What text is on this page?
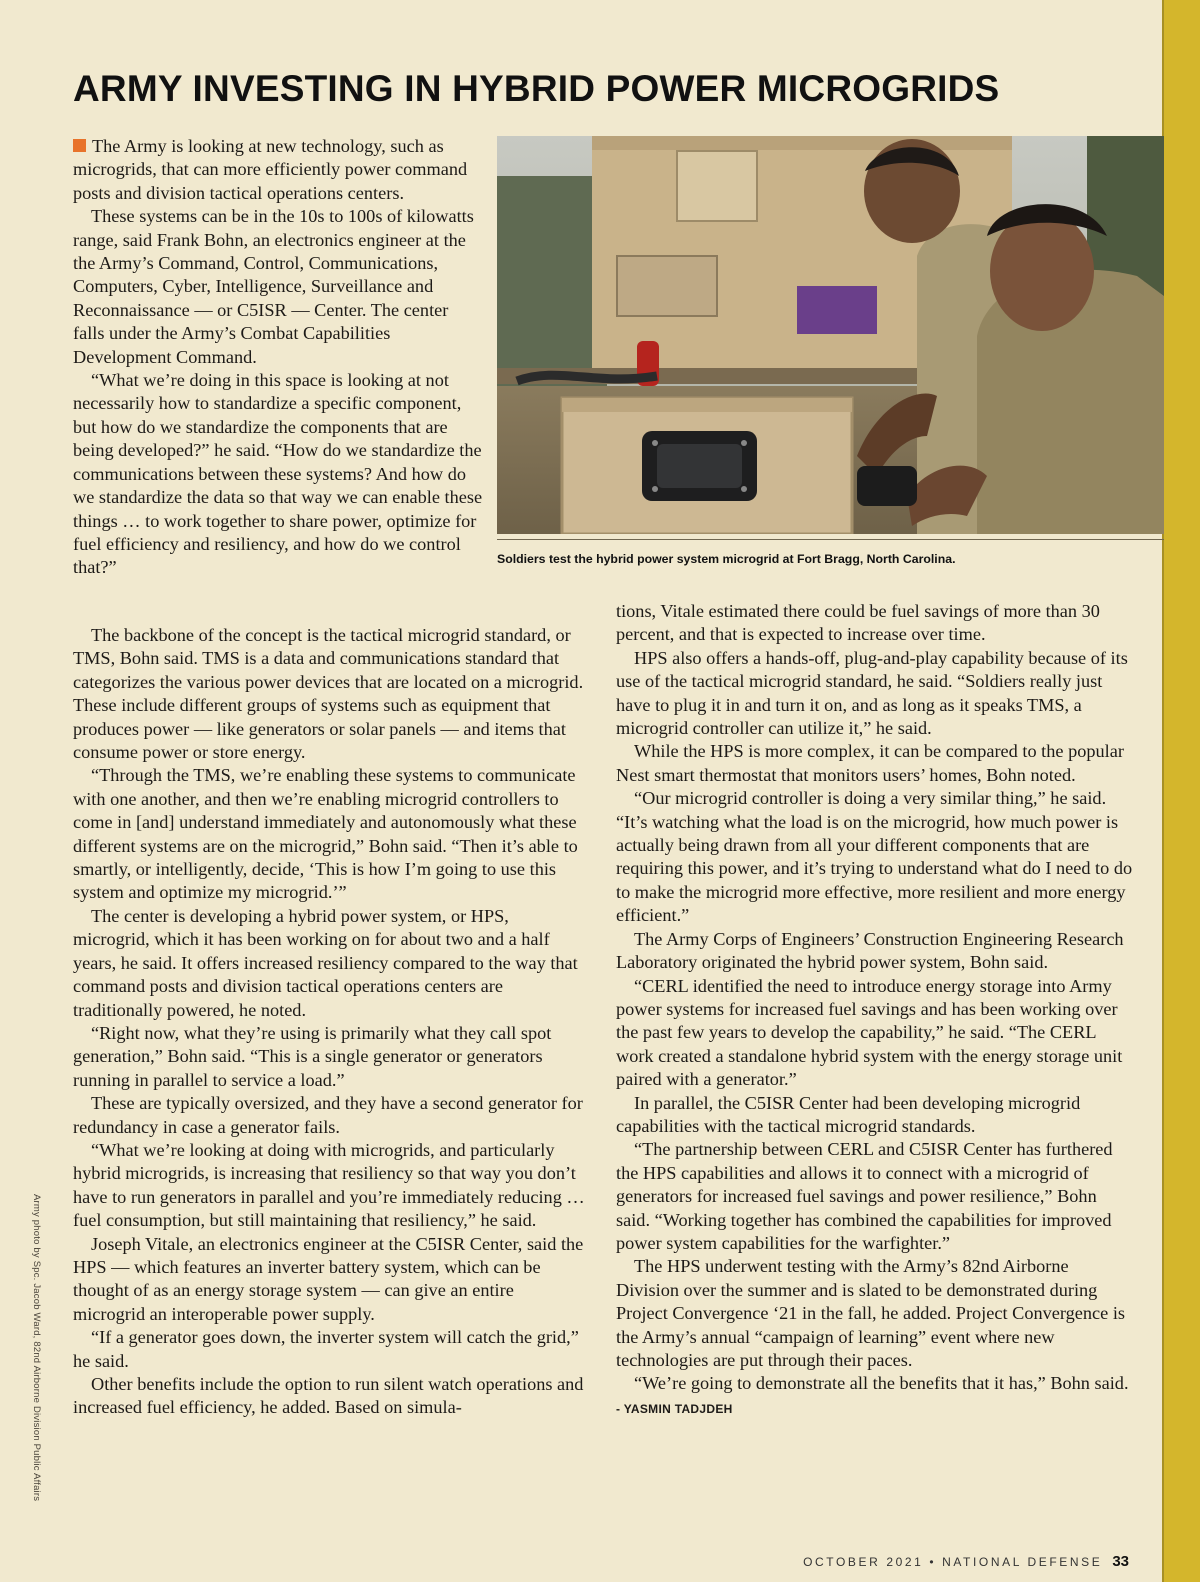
ARMY INVESTING IN HYBRID POWER MICROGRIDS

The Army is looking at new technology, such as microgrids, that can more efficiently power command posts and division tactical operations centers.

These systems can be in the 10s to 100s of kilowatts range, said Frank Bohn, an electronics engineer at the the Army’s Command, Control, Communications, Computers, Cyber, Intelligence, Surveillance and Reconnaissance — or C5ISR — Center. The center falls under the Army’s Combat Capabilities Development Command.

“What we’re doing in this space is looking at not necessarily how to standardize a specific component, but how do we standardize the components that are being developed?” he said. “How do we standardize the communications between these systems? And how do we standardize the data so that way we can enable these things … to work together to share power, optimize for fuel efficiency and resiliency, and how do we control that?”

The backbone of the concept is the tactical microgrid standard, or TMS, Bohn said. TMS is a data and communications standard that categorizes the various power devices that are located on a microgrid. These include different groups of systems such as equipment that produces power — like generators or solar panels — and items that consume power or store energy.

“Through the TMS, we’re enabling these systems to communicate with one another, and then we’re enabling microgrid controllers to come in [and] understand immediately and autonomously what these different systems are on the microgrid,” Bohn said. “Then it’s able to smartly, or intelligently, decide, ‘This is how I’m going to use this system and optimize my microgrid.’”

The center is developing a hybrid power system, or HPS, microgrid, which it has been working on for about two and a half years, he said. It offers increased resiliency compared to the way that command posts and division tactical operations centers are traditionally powered, he noted.

“Right now, what they’re using is primarily what they call spot generation,” Bohn said. “This is a single generator or generators running in parallel to service a load.”

These are typically oversized, and they have a second generator for redundancy in case a generator fails.

“What we’re looking at doing with microgrids, and particularly hybrid microgrids, is increasing that resiliency so that way you don’t have to run generators in parallel and you’re immediately reducing … fuel consumption, but still maintaining that resiliency,” he said.

Joseph Vitale, an electronics engineer at the C5ISR Center, said the HPS — which features an inverter battery system, which can be thought of as an energy storage system — can give an entire microgrid an interoperable power supply.

“If a generator goes down, the inverter system will catch the grid,” he said.

Other benefits include the option to run silent watch operations and increased fuel efficiency, he added. Based on simula-

tions, Vitale estimated there could be fuel savings of more than 30 percent, and that is expected to increase over time.

HPS also offers a hands-off, plug-and-play capability because of its use of the tactical microgrid standard, he said. “Soldiers really just have to plug it in and turn it on, and as long as it speaks TMS, a microgrid controller can utilize it,” he said.

While the HPS is more complex, it can be compared to the popular Nest smart thermostat that monitors users’ homes, Bohn noted.

“Our microgrid controller is doing a very similar thing,” he said. “It’s watching what the load is on the microgrid, how much power is actually being drawn from all your different components that are requiring this power, and it’s trying to understand what do I need to do to make the microgrid more effective, more resilient and more energy efficient.”

The Army Corps of Engineers’ Construction Engineering Research Laboratory originated the hybrid power system, Bohn said.

“CERL identified the need to introduce energy storage into Army power systems for increased fuel savings and has been working over the past few years to develop the capability,” he said. “The CERL work created a standalone hybrid system with the energy storage unit paired with a generator.”

In parallel, the C5ISR Center had been developing microgrid capabilities with the tactical microgrid standards.

“The partnership between CERL and C5ISR Center has furthered the HPS capabilities and allows it to connect with a microgrid of generators for increased fuel savings and power resilience,” Bohn said. “Working together has combined the capabilities for improved power system capabilities for the warfighter.”

The HPS underwent testing with the Army’s 82nd Airborne Division over the summer and is slated to be demonstrated during Project Convergence ‘21 in the fall, he added. Project Convergence is the Army’s annual “campaign of learning” event where new technologies are put through their paces.

“We’re going to demonstrate all the benefits that it has,” Bohn said. - YASMIN TADJDEH

Soldiers test the hybrid power system microgrid at Fort Bragg, North Carolina.

Army photo by Spc. Jacob Ward, 82nd Airborne Division Public Affairs

OCTOBER 2021 • NATIONAL DEFENSE 33
